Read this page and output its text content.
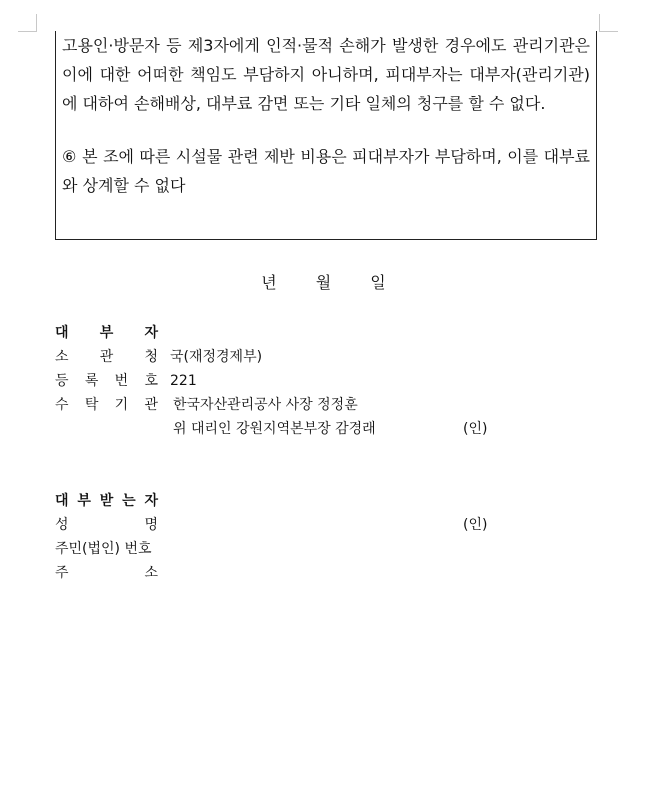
고용인·방문자 등 제3자에게 인적·물적 손해가 발생한 경우에도 관리기관은 이에 대한 어떠한 책임도 부담하지 아니하며, 피대부자는 대부자(관리기관)에 대하여 손해배상, 대부료 감면 또는 기타 일체의 청구를 할 수 없다.

⑥ 본 조에 따른 시설물 관련 제반 비용은 피대부자가 부담하며, 이를 대부료와 상계할 수 없다

년 월 일
대 부 자
소 관 청 국(재정경제부)
등 록 번 호 221
수 탁 기 관 한국자산관리공사 사장 정정훈
위 대리인 강원지역본부장 감경래	(인)
대 부 받 는 자
성	명	(인)
주민(법인) 번호
주	소
